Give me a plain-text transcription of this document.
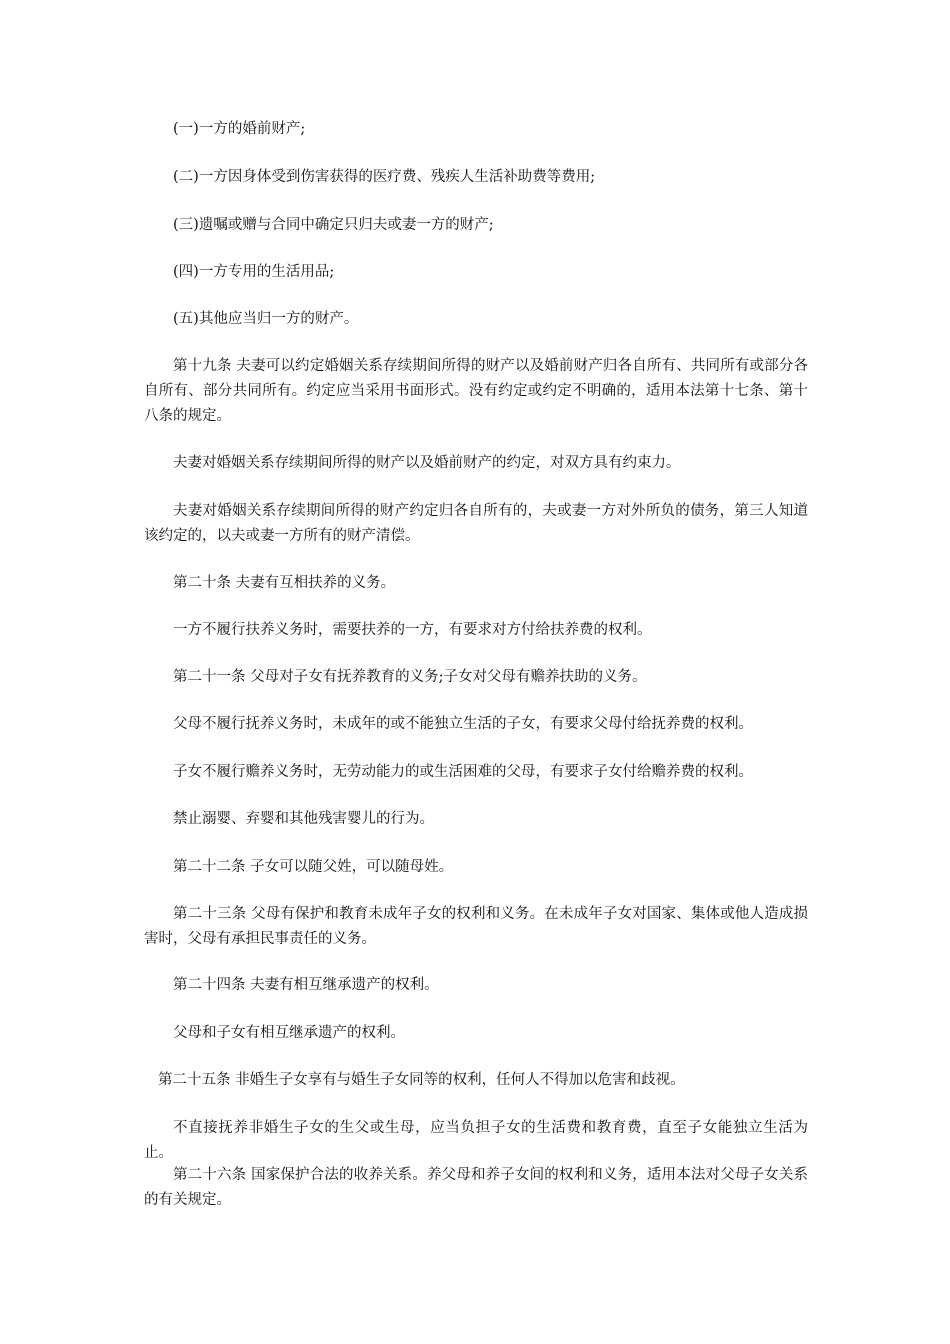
(一)一方的婚前财产;

(二)一方因身体受到伤害获得的医疗费、残疾人生活补助费等费用;

(三)遗嘱或赠与合同中确定只归夫或妻一方的财产;

(四)一方专用的生活用品;

(五)其他应当归一方的财产。

第十九条 夫妻可以约定婚姻关系存续期间所得的财产以及婚前财产归各自所有、共同所有或部分各自所有、部分共同所有。约定应当采用书面形式。没有约定或约定不明确的，适用本法第十七条、第十八条的规定。

夫妻对婚姻关系存续期间所得的财产以及婚前财产的约定，对双方具有约束力。

夫妻对婚姻关系存续期间所得的财产约定归各自所有的，夫或妻一方对外所负的债务，第三人知道该约定的，以夫或妻一方所有的财产清偿。

第二十条 夫妻有互相扶养的义务。

一方不履行扶养义务时，需要扶养的一方，有要求对方付给扶养费的权利。

第二十一条 父母对子女有抚养教育的义务;子女对父母有赡养扶助的义务。

父母不履行抚养义务时，未成年的或不能独立生活的子女，有要求父母付给抚养费的权利。

子女不履行赡养义务时，无劳动能力的或生活困难的父母，有要求子女付给赡养费的权利。

禁止溺婴、弃婴和其他残害婴儿的行为。

第二十二条 子女可以随父姓，可以随母姓。

第二十三条 父母有保护和教育未成年子女的权利和义务。在未成年子女对国家、集体或他人造成损害时，父母有承担民事责任的义务。

第二十四条 夫妻有相互继承遗产的权利。

父母和子女有相互继承遗产的权利。

第二十五条 非婚生子女享有与婚生子女同等的权利，任何人不得加以危害和歧视。

不直接抚养非婚生子女的生父或生母，应当负担子女的生活费和教育费，直至子女能独立生活为止。

第二十六条 国家保护合法的收养关系。养父母和养子女间的权利和义务，适用本法对父母子女关系的有关规定。
